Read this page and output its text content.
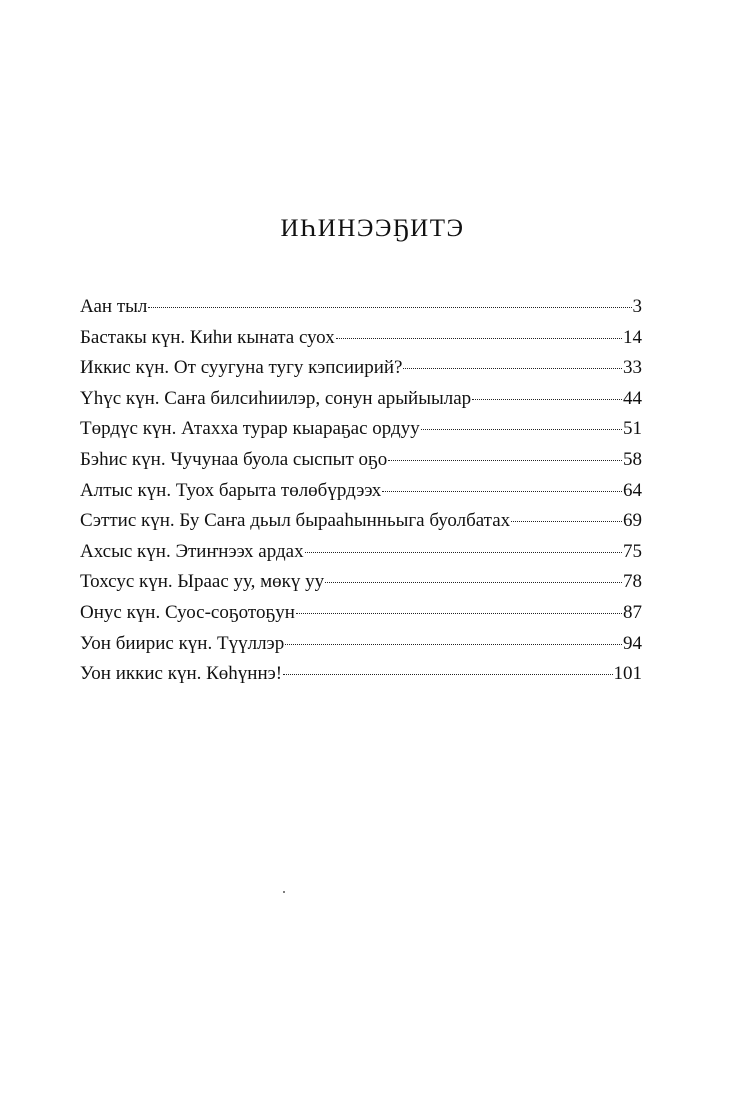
ИҺИНЭЭҔИТЭ
Аан тыл	3
Бастакы күн. Киһи кыната суох	14
Иккис күн. От суугуна тугу кэпсиирий?	33
Үһүс күн. Саҥа билсиһиилэр, сонун арыйыылар	44
Төрдүс күн. Атахха турар кыараҕас ордуу	51
Бэһис күн. Чучунаа буола сыспыт оҕо	58
Алтыс күн. Туох барыта төлөбүрдээх	64
Сэттис күн. Бу Саҥа дьыл бырааһынньыга буолбатах	69
Ахсыс күн. Этиҥнээх ардах	75
Тохсус күн. Ыраас уу, мөкү уу	78
Онус күн. Суос-соҕотоҕун	87
Уон биирис күн. Түүллэр	94
Уон иккис күн. Көһүннэ!	101
